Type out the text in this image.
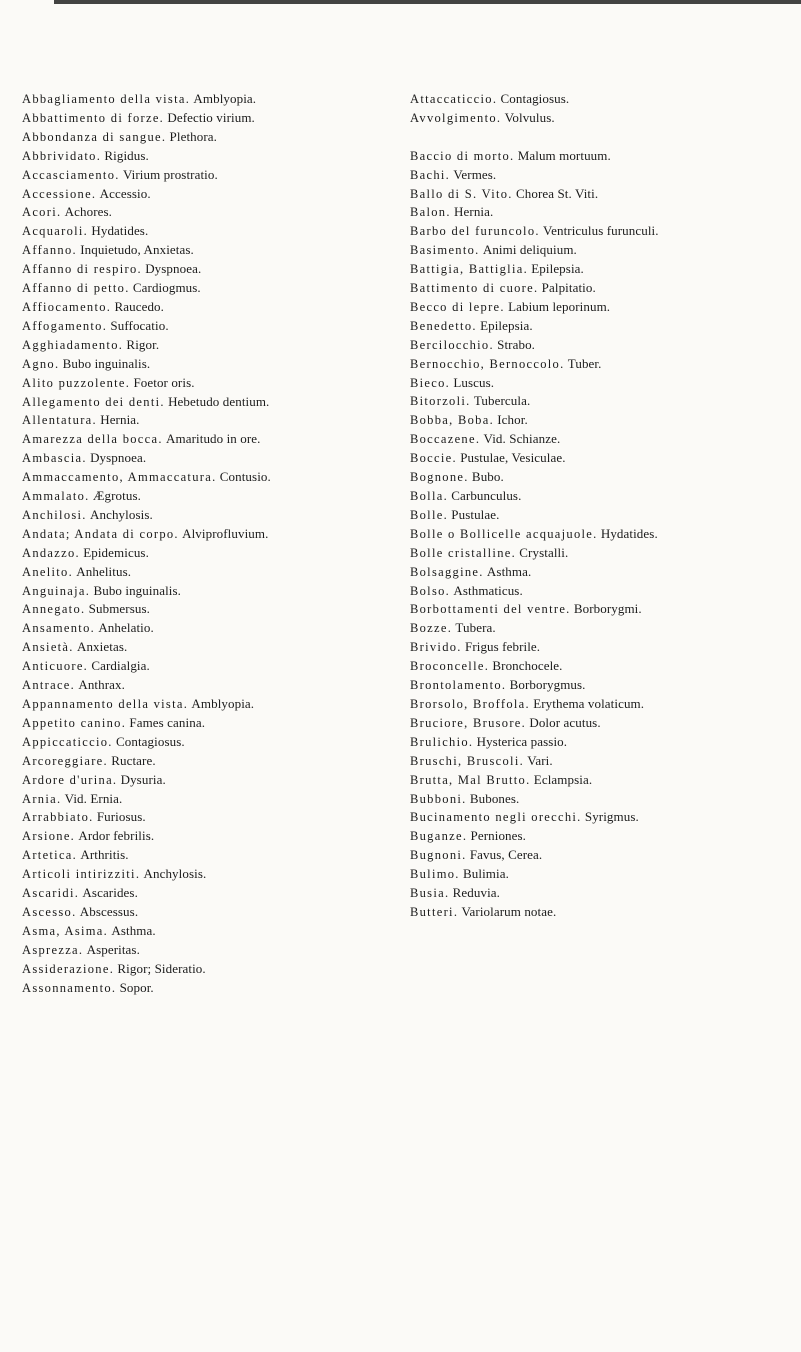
Abbagliamento della vista. Amblyopia.
Abbattimento di forze. Defectio virium.
Abbondanza di sangue. Plethora.
Abbrividato. Rigidus.
Accasciamento. Virium prostratio.
Accessione. Accessio.
Acori. Achores.
Acquaroli. Hydatides.
Affanno. Inquietudo, Anxietas.
Affanno di respiro. Dyspnoea.
Affanno di petto. Cardiogmus.
Affiocamento. Raucedo.
Affogamento. Suffocatio.
Agghiadamento. Rigor.
Agno. Bubo inguinalis.
Alito puzzolente. Foetor oris.
Allegamento dei denti. Hebetudo dentium.
Allentatura. Hernia.
Amarezza della bocca. Amaritudo in ore.
Ambascia. Dyspnoea.
Ammaccamento, Ammaccatura. Contusio.
Ammalato. Ægrotus.
Anchilosi. Anchylosis.
Andata; Andata di corpo. Alviprofluvium.
Andazzo. Epidemicus.
Anelito. Anhelitus.
Anguinaja. Bubo inguinalis.
Annegato. Submersus.
Ansamento. Anhelatio.
Ansietà. Anxietas.
Anticuore. Cardialgia.
Antrace. Anthrax.
Appannamento della vista. Amblyopia.
Appetito canino. Fames canina.
Appiccaticcio. Contagiosus.
Arcoreggiare. Ructare.
Ardore d'urina. Dysuria.
Arnia. Vid. Ernia.
Arrabbiato. Furiosus.
Arsione. Ardor febrilis.
Artetica. Arthritis.
Articoli intirizziti. Anchylosis.
Ascaridi. Ascarides.
Ascesso. Abscessus.
Asma, Asima. Asthma.
Asprezza. Asperitas.
Assiderazione. Rigor; Sideratio.
Assonnamento. Sopor.
Attaccaticcio. Contagiosus.
Avvolgimento. Volvulus.
Baccio di morto. Malum mortuum.
Bachi. Vermes.
Ballo di S. Vito. Chorea St. Viti.
Balon. Hernia.
Barbo del furuncolo. Ventriculus furunculi.
Basimento. Animi deliquium.
Battigia, Battiglia. Epilepsia.
Battimento di cuore. Palpitatio.
Becco di lepre. Labium leporinum.
Benedetto. Epilepsia.
Bercilocchio. Strabo.
Bernocchio, Bernoccolo. Tuber.
Bieco. Luscus.
Bitorzoli. Tubercula.
Bobba, Boba. Ichor.
Boccazene. Vid. Schianze.
Boccie. Pustulae, Vesiculae.
Bognone. Bubo.
Bolla. Carbunculus.
Bolle. Pustulae.
Bolle o Bollicelle acquajuole. Hydatides.
Bolle cristalline. Crystalli.
Bolsaggine. Asthma.
Bolso. Asthmaticus.
Borbottamenti del ventre. Borborygmi.
Bozze. Tubera.
Brivido. Frigus febrile.
Broconcelle. Bronchocele.
Brontolamento. Borborygmus.
Brorsolo, Broffola. Erythema volaticum.
Bruciore, Brusore. Dolor acutus.
Brulichio. Hysterica passio.
Bruschi, Bruscoli. Vari.
Brutta, Mal Brutto. Eclampsia.
Bubboni. Bubones.
Bucinamento negli orecchi. Syrigmus.
Buganze. Perniones.
Bugnoni. Favus, Cerea.
Bulimo. Bulimia.
Busia. Reduvia.
Butteri. Variolarum notae.
